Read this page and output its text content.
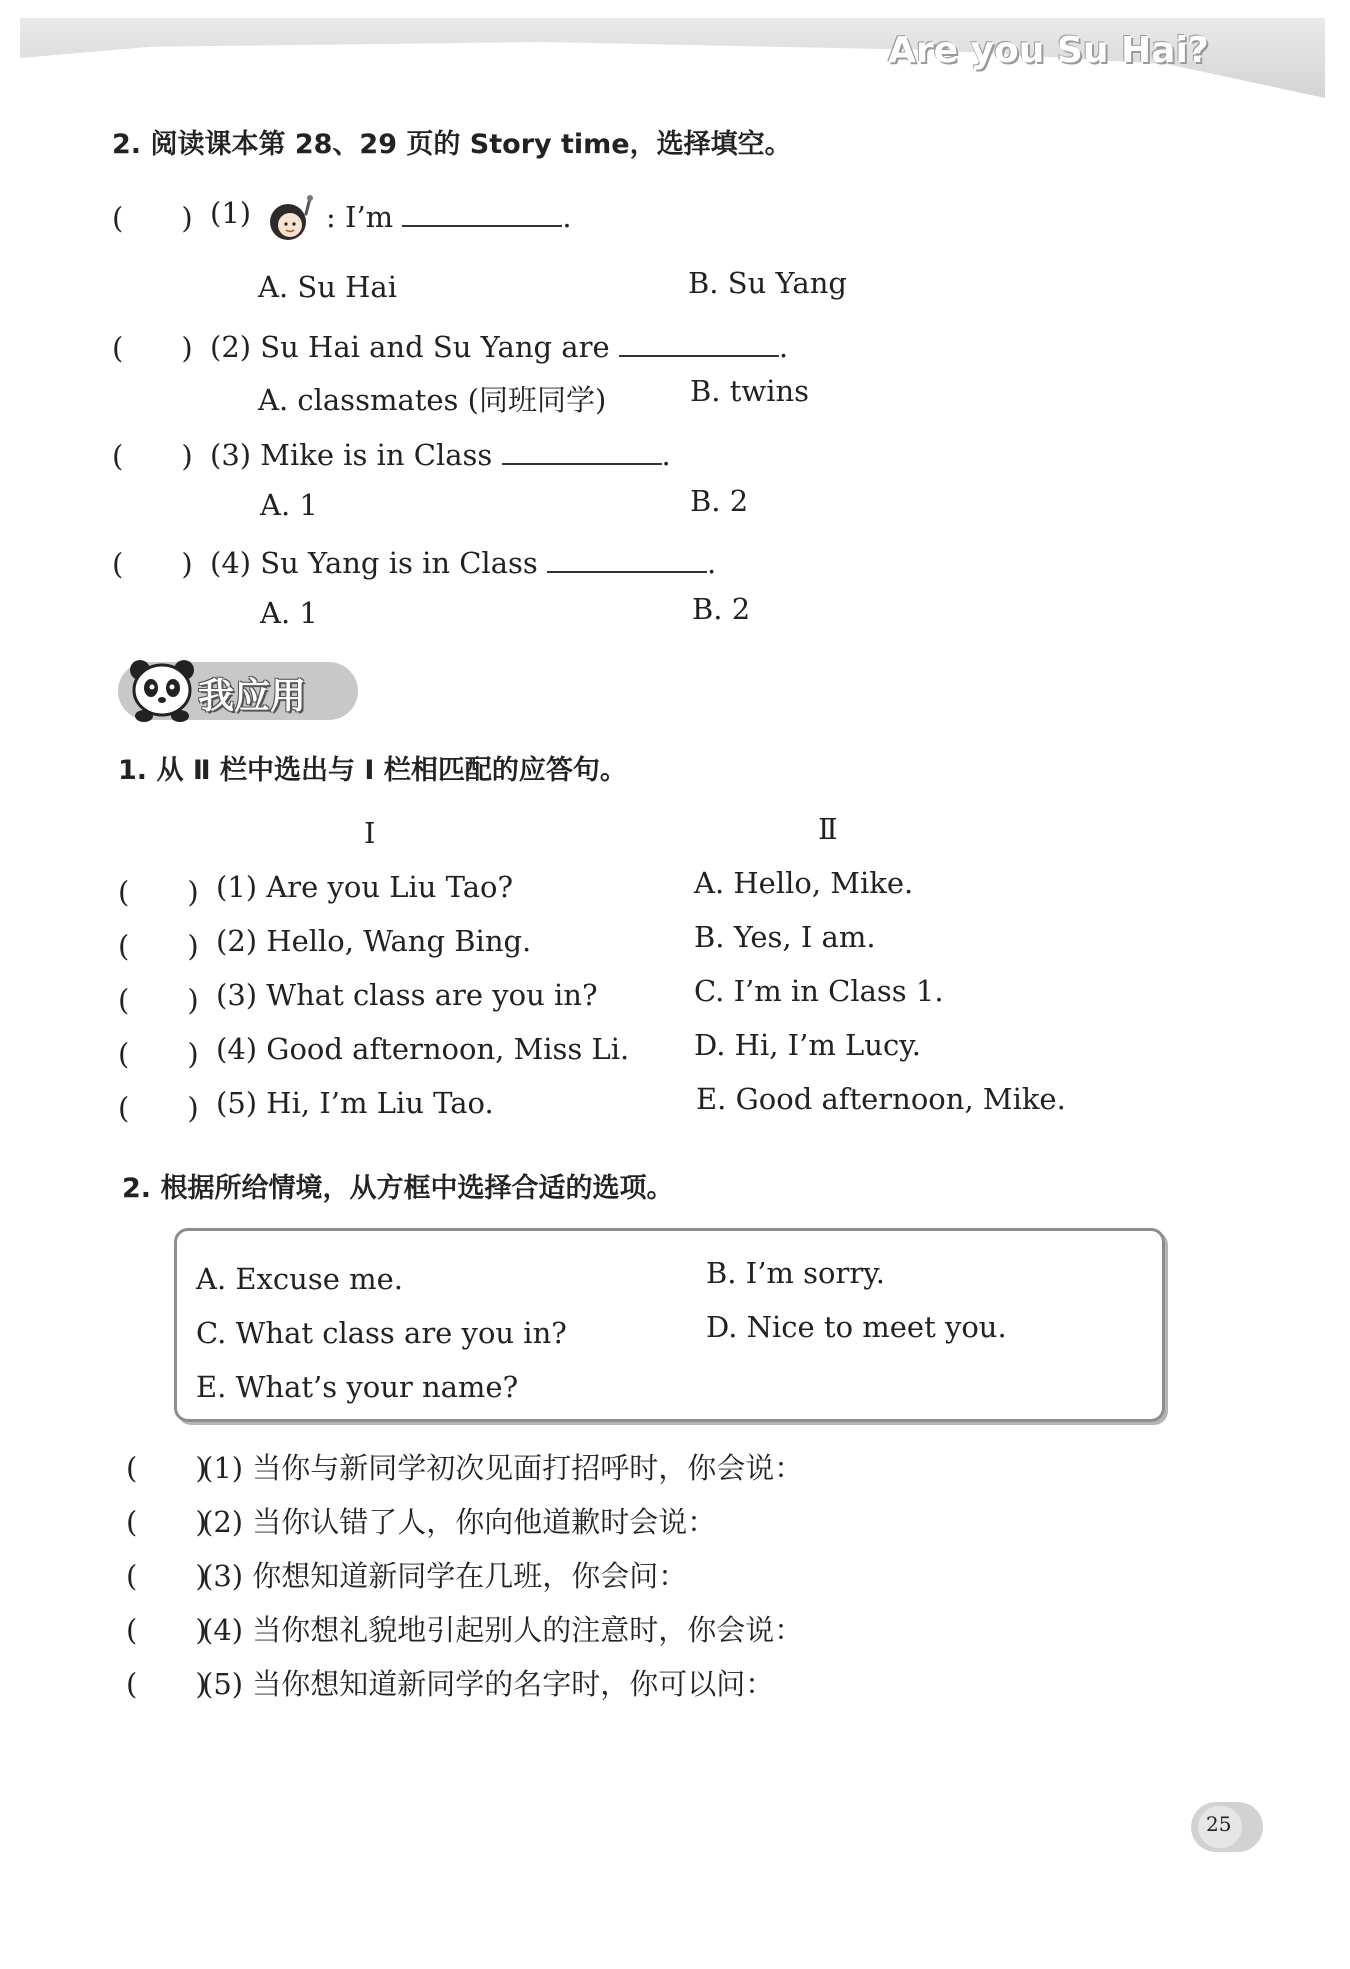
Are you Su Hai?
2. 阅读课本第 28、29 页的 Story time，选择填空。
(　　) (1)	: I’m	.
A. Su Hai	B. Su Yang
(　　) (2) Su Hai and Su Yang are	.
A. classmates (同班同学)	B. twins
(　　) (3) Mike is in Class	.
A. 1	B. 2
(　　) (4) Su Yang is in Class	.
A. 1	B. 2
我应用
1. 从 Ⅱ 栏中选出与 Ⅰ 栏相匹配的应答句。
Ⅰ	Ⅱ
(　　) (1) Are you Liu Tao?	A. Hello, Mike.
(　　) (2) Hello, Wang Bing.	B. Yes, I am.
(　　) (3) What class are you in?	C. I’m in Class 1.
(　　) (4) Good afternoon, Miss Li. D. Hi, I’m Lucy.
(　　) (5) Hi, I’m Liu Tao.	E. Good afternoon, Mike.
2. 根据所给情境，从方框中选择合适的选项。
A. Excuse me.	B. I’m sorry.
C. What class are you in?	D. Nice to meet you.
E. What’s your name?
(　　)
(1) 当你与新同学初次见面打招呼时，你会说：
(　　)
(2) 当你认错了人，你向他道歉时会说：
(　　)
(3) 你想知道新同学在几班，你会问：
(　　)
(4) 当你想礼貌地引起别人的注意时，你会说：
(　　)
(5) 当你想知道新同学的名字时，你可以问：
25
